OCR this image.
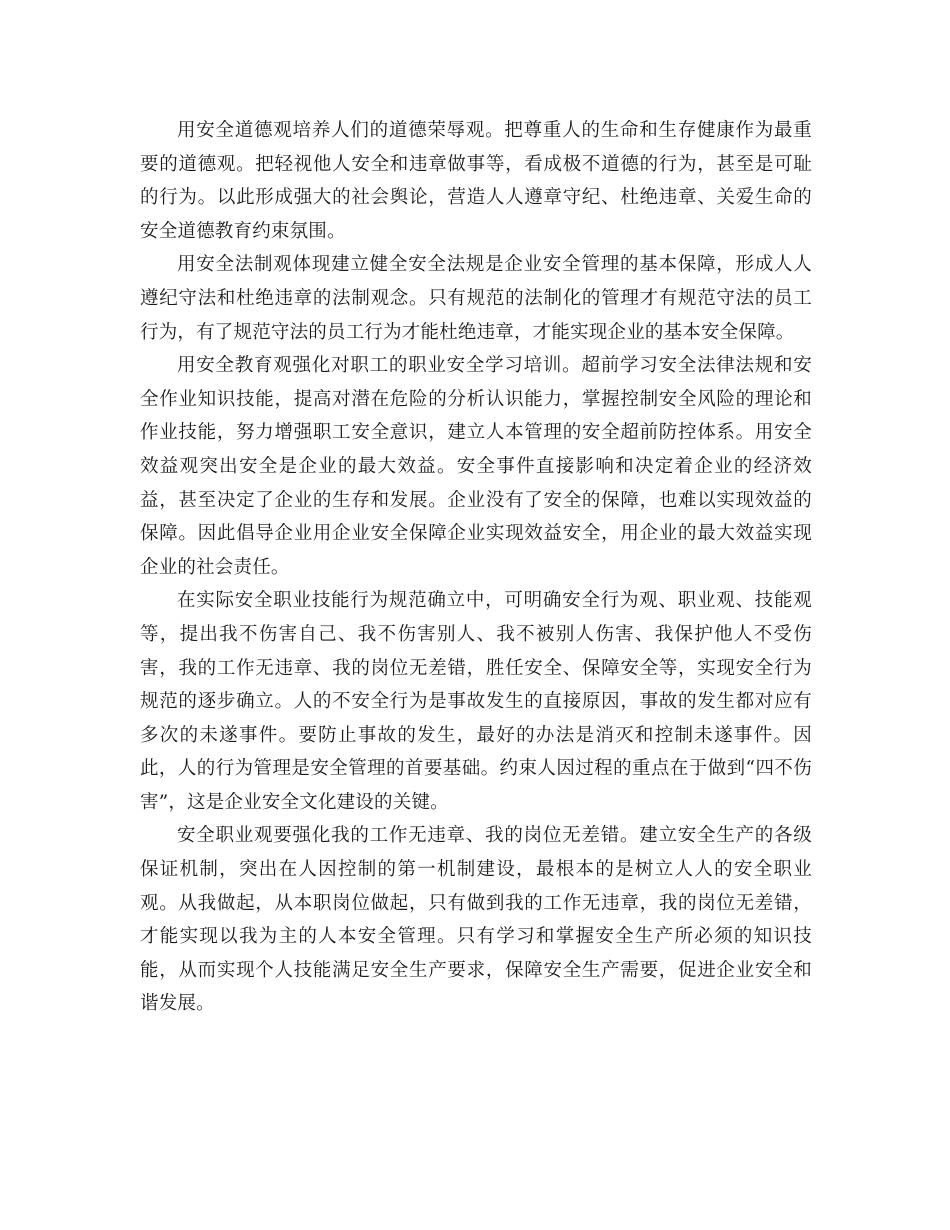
用安全道德观培养人们的道德荣辱观。把尊重人的生命和生存健康作为最重要的道德观。把轻视他人安全和违章做事等，看成极不道德的行为，甚至是可耻的行为。以此形成强大的社会舆论，营造人人遵章守纪、杜绝违章、关爱生命的安全道德教育约束氛围。

用安全法制观体现建立健全安全法规是企业安全管理的基本保障，形成人人遵纪守法和杜绝违章的法制观念。只有规范的法制化的管理才有规范守法的员工行为，有了规范守法的员工行为才能杜绝违章，才能实现企业的基本安全保障。

用安全教育观强化对职工的职业安全学习培训。超前学习安全法律法规和安全作业知识技能，提高对潜在危险的分析认识能力，掌握控制安全风险的理论和作业技能，努力增强职工安全意识，建立人本管理的安全超前防控体系。用安全效益观突出安全是企业的最大效益。安全事件直接影响和决定着企业的经济效益，甚至决定了企业的生存和发展。企业没有了安全的保障，也难以实现效益的保障。因此倡导企业用企业安全保障企业实现效益安全，用企业的最大效益实现企业的社会责任。

在实际安全职业技能行为规范确立中，可明确安全行为观、职业观、技能观等，提出我不伤害自己、我不伤害别人、我不被别人伤害、我保护他人不受伤害，我的工作无违章、我的岗位无差错，胜任安全、保障安全等，实现安全行为规范的逐步确立。人的不安全行为是事故发生的直接原因，事故的发生都对应有多次的未遂事件。要防止事故的发生，最好的办法是消灭和控制未遂事件。因此，人的行为管理是安全管理的首要基础。约束人因过程的重点在于做到“四不伤害”，这是企业安全文化建设的关键。

安全职业观要强化我的工作无违章、我的岗位无差错。建立安全生产的各级保证机制，突出在人因控制的第一机制建设，最根本的是树立人人的安全职业观。从我做起，从本职岗位做起，只有做到我的工作无违章，我的岗位无差错，才能实现以我为主的人本安全管理。只有学习和掌握安全生产所必须的知识技能，从而实现个人技能满足安全生产要求，保障安全生产需要，促进企业安全和谐发展。
